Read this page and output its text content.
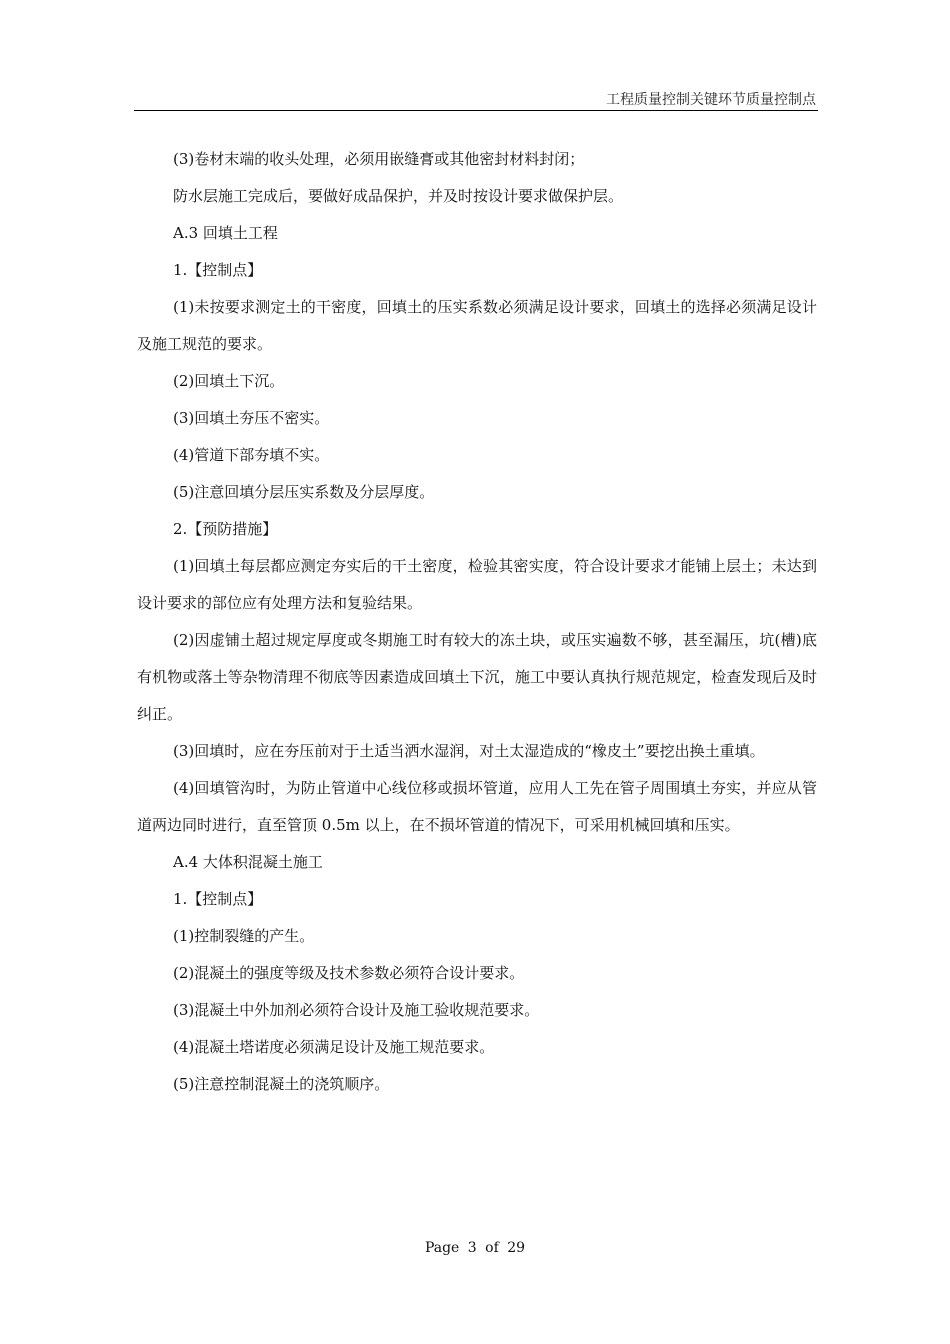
工程质量控制关键环节质量控制点

(3)卷材末端的收头处理，必须用嵌缝膏或其他密封材料封闭；

防水层施工完成后，要做好成品保护，并及时按设计要求做保护层。

A.3 回填土工程

1.【控制点】

(1)未按要求测定土的干密度，回填土的压实系数必须满足设计要求，回填土的选择必须满足设计及施工规范的要求。

(2)回填土下沉。

(3)回填土夯压不密实。

(4)管道下部夯填不实。

(5)注意回填分层压实系数及分层厚度。

2.【预防措施】

(1)回填土每层都应测定夯实后的干土密度，检验其密实度，符合设计要求才能铺上层土；未达到设计要求的部位应有处理方法和复验结果。

(2)因虚铺土超过规定厚度或冬期施工时有较大的冻土块，或压实遍数不够，甚至漏压，坑(槽)底有机物或落土等杂物清理不彻底等因素造成回填土下沉，施工中要认真执行规范规定，检查发现后及时纠正。

(3)回填时，应在夯压前对于土适当洒水湿润，对土太湿造成的“橡皮土”要挖出换土重填。

(4)回填管沟时，为防止管道中心线位移或损坏管道，应用人工先在管子周围填土夯实，并应从管道两边同时进行，直至管顶 0.5m 以上，在不损坏管道的情况下，可采用机械回填和压实。

A.4 大体积混凝土施工

1.【控制点】

(1)控制裂缝的产生。

(2)混凝土的强度等级及技术参数必须符合设计要求。

(3)混凝土中外加剂必须符合设计及施工验收规范要求。

(4)混凝土塔诺度必须满足设计及施工规范要求。

(5)注意控制混凝土的浇筑顺序。

Page 3 of 29
